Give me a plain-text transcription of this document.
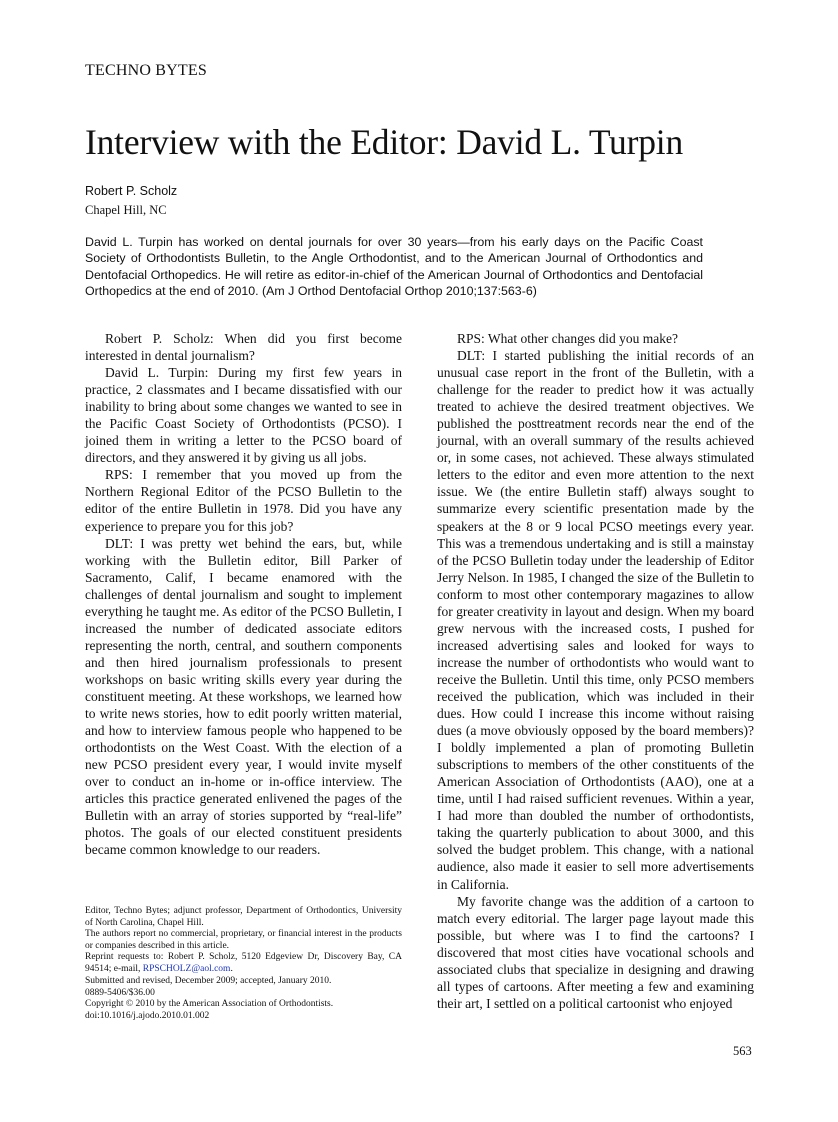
TECHNO BYTES
Interview with the Editor: David L. Turpin
Robert P. Scholz
Chapel Hill, NC

David L. Turpin has worked on dental journals for over 30 years—from his early days on the Pacific Coast Society of Orthodontists Bulletin, to the Angle Orthodontist, and to the American Journal of Orthodontics and Dentofacial Orthopedics. He will retire as editor-in-chief of the American Journal of Orthodontics and Dentofacial Orthopedics at the end of 2010. (Am J Orthod Dentofacial Orthop 2010;137:563-6)

Robert P. Scholz: When did you first become interested in dental journalism?

David L. Turpin: During my first few years in practice, 2 classmates and I became dissatisfied with our inability to bring about some changes we wanted to see in the Pacific Coast Society of Orthodontists (PCSO). I joined them in writing a letter to the PCSO board of directors, and they answered it by giving us all jobs.

RPS: I remember that you moved up from the Northern Regional Editor of the PCSO Bulletin to the editor of the entire Bulletin in 1978. Did you have any experience to prepare you for this job?

DLT: I was pretty wet behind the ears, but, while working with the Bulletin editor, Bill Parker of Sacramento, Calif, I became enamored with the challenges of dental journalism and sought to implement everything he taught me. As editor of the PCSO Bulletin, I increased the number of dedicated associate editors representing the north, central, and southern components and then hired journalism professionals to present workshops on basic writing skills every year during the constituent meeting. At these workshops, we learned how to write news stories, how to edit poorly written material, and how to interview famous people who happened to be orthodontists on the West Coast. With the election of a new PCSO president every year, I would invite myself over to conduct an in-home or in-office interview. The articles this practice generated enlivened the pages of the Bulletin with an array of stories supported by “real-life” photos. The goals of our elected constituent presidents became common knowledge to our readers.

RPS: What other changes did you make?

DLT: I started publishing the initial records of an unusual case report in the front of the Bulletin, with a challenge for the reader to predict how it was actually treated to achieve the desired treatment objectives. We published the posttreatment records near the end of the journal, with an overall summary of the results achieved or, in some cases, not achieved. These always stimulated letters to the editor and even more attention to the next issue. We (the entire Bulletin staff) always sought to summarize every scientific presentation made by the speakers at the 8 or 9 local PCSO meetings every year. This was a tremendous undertaking and is still a mainstay of the PCSO Bulletin today under the leadership of Editor Jerry Nelson. In 1985, I changed the size of the Bulletin to conform to most other contemporary magazines to allow for greater creativity in layout and design. When my board grew nervous with the increased costs, I pushed for increased advertising sales and looked for ways to increase the number of orthodontists who would want to receive the Bulletin. Until this time, only PCSO members received the publication, which was included in their dues. How could I increase this income without raising dues (a move obviously opposed by the board members)? I boldly implemented a plan of promoting Bulletin subscriptions to members of the other constituents of the American Association of Orthodontists (AAO), one at a time, until I had raised sufficient revenues. Within a year, I had more than doubled the number of orthodontists, taking the quarterly publication to about 3000, and this solved the budget problem. This change, with a national audience, also made it easier to sell more advertisements in California.

My favorite change was the addition of a cartoon to match every editorial. The larger page layout made this possible, but where was I to find the cartoons? I discovered that most cities have vocational schools and associated clubs that specialize in designing and drawing all types of cartoons. After meeting a few and examining their art, I settled on a political cartoonist who enjoyed

Editor, Techno Bytes; adjunct professor, Department of Orthodontics, University of North Carolina, Chapel Hill.

The authors report no commercial, proprietary, or financial interest in the products or companies described in this article.

Reprint requests to: Robert P. Scholz, 5120 Edgeview Dr, Discovery Bay, CA 94514; e-mail, RPSCHOLZ@aol.com.

Submitted and revised, December 2009; accepted, January 2010.

0889-5406/$36.00

Copyright © 2010 by the American Association of Orthodontists.

doi:10.1016/j.ajodo.2010.01.002

563
